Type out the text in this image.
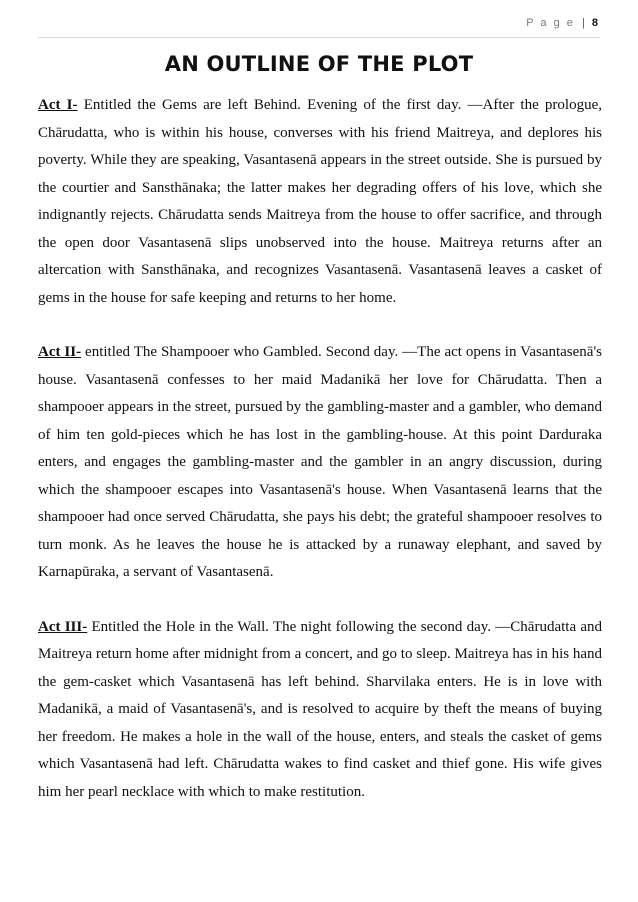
P a g e | 8
AN OUTLINE OF THE PLOT

Act I- Entitled the Gems are left Behind. Evening of the first day. —After the prologue, Chārudatta, who is within his house, converses with his friend Maitreya, and deplores his poverty. While they are speaking, Vasantasenā appears in the street outside. She is pursued by the courtier and Sansthānaka; the latter makes her degrading offers of his love, which she indignantly rejects. Chārudatta sends Maitreya from the house to offer sacrifice, and through the open door Vasantasenā slips unobserved into the house. Maitreya returns after an altercation with Sansthānaka, and recognizes Vasantasenā. Vasantasenā leaves a casket of gems in the house for safe keeping and returns to her home.

Act II- entitled The Shampooer who Gambled. Second day. —The act opens in Vasantasenā's house. Vasantasenā confesses to her maid Madanikā her love for Chārudatta. Then a shampooer appears in the street, pursued by the gambling-master and a gambler, who demand of him ten gold-pieces which he has lost in the gambling-house. At this point Darduraka enters, and engages the gambling-master and the gambler in an angry discussion, during which the shampooer escapes into Vasantasenā's house. When Vasantasenā learns that the shampooer had once served Chārudatta, she pays his debt; the grateful shampooer resolves to turn monk. As he leaves the house he is attacked by a runaway elephant, and saved by Karnapūraka, a servant of Vasantasenā.

Act III- Entitled the Hole in the Wall. The night following the second day. —Chārudatta and Maitreya return home after midnight from a concert, and go to sleep. Maitreya has in his hand the gem-casket which Vasantasenā has left behind. Sharvilaka enters. He is in love with Madanikā, a maid of Vasantasenā's, and is resolved to acquire by theft the means of buying her freedom. He makes a hole in the wall of the house, enters, and steals the casket of gems which Vasantasenā had left. Chārudatta wakes to find casket and thief gone. His wife gives him her pearl necklace with which to make restitution.
